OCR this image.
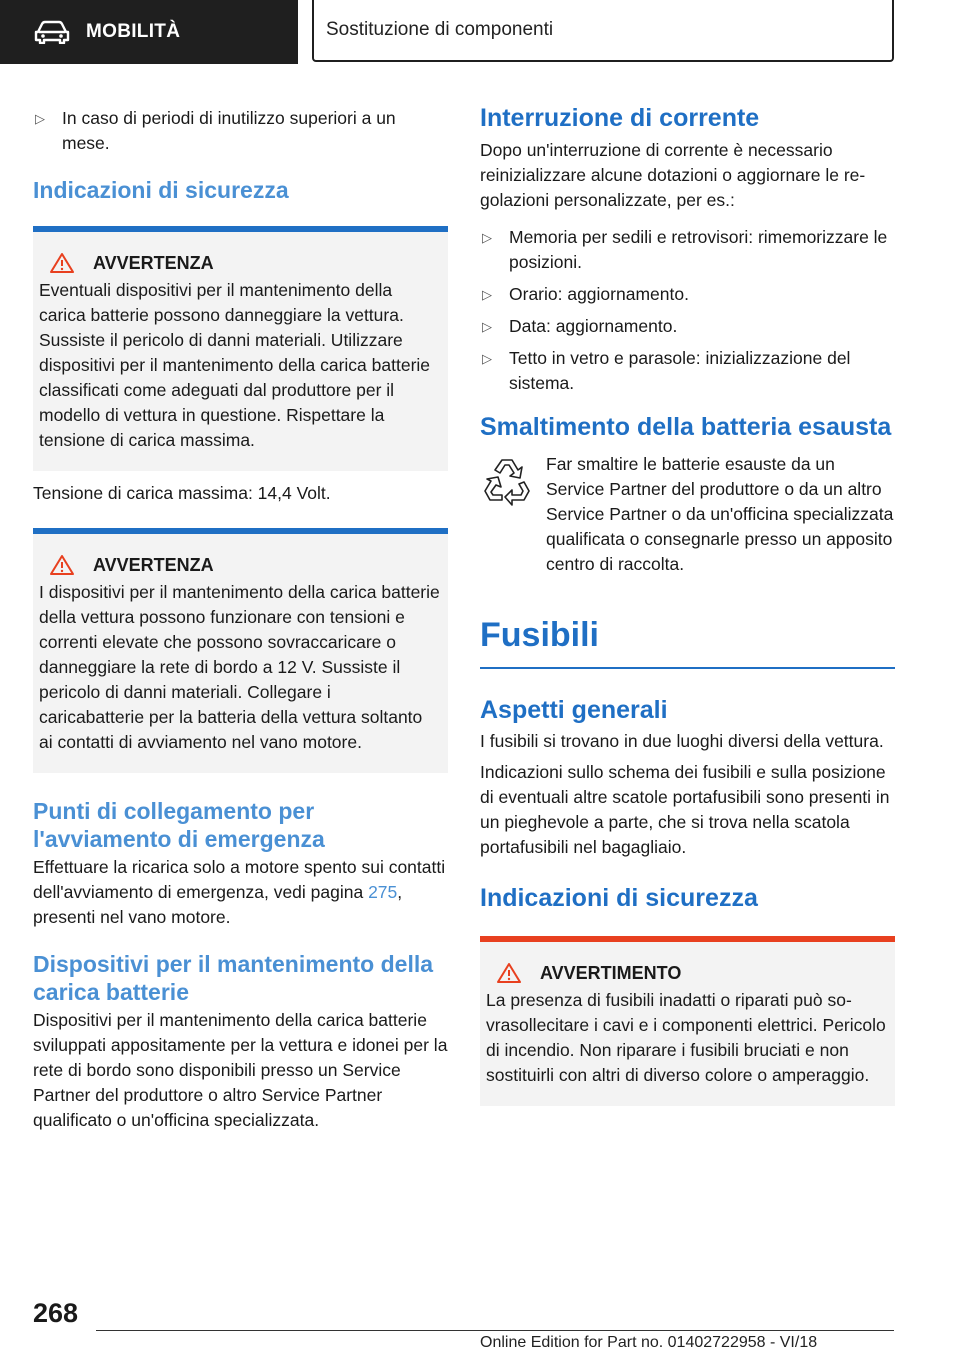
MOBILITÀ	Sostituzione di componenti
▷ In caso di periodi di inutilizzo superiori a un mese.
Indicazioni di sicurezza
AVVERTENZA

Eventuali dispositivi per il mantenimento della carica batterie possono danneggiare la vettura. Sussiste il pericolo di danni materiali. Utilizzare dispositivi per il mantenimento della carica batterie classificati come adeguati dal produttore per il modello di vettura in questione. Rispettare la tensione di carica massima.

Tensione di carica massima: 14,4 Volt.

AVVERTENZA

I dispositivi per il mantenimento della carica batterie della vettura possono funzionare con tensioni e correnti elevate che possono sovraccaricare o danneggiare la rete di bordo a 12 V. Sussiste il pericolo di danni materiali. Collegare i caricabatterie per la batteria della vettura soltanto ai contatti di avviamento nel vano motore.

Punti di collegamento per l'avviamento di emergenza

Effettuare la ricarica solo a motore spento sui contatti dell'avviamento di emergenza, vedi pagina 275, presenti nel vano motore.

Dispositivi per il mantenimento della carica batterie

Dispositivi per il mantenimento della carica batterie sviluppati appositamente per la vettura e idonei per la rete di bordo sono disponibili presso un Service Partner del produttore o altro Service Partner qualificato o un'officina specializzata.

Interruzione di corrente

Dopo un'interruzione di corrente è necessario reinizializzare alcune dotazioni o aggiornare le regolazioni personalizzate, per es.:

▷ Memoria per sedili e retrovisori: rimemorizzare le posizioni.
▷ Orario: aggiornamento.
▷ Data: aggiornamento.
▷ Tetto in vetro e parasole: inizializzazione del sistema.
Smaltimento della batteria esausta

Far smaltire le batterie esauste da un Service Partner del produttore o da un altro Service Partner o da un'officina specializzata qualificata o consegnarle presso un apposito centro di raccolta.

Fusibili
Aspetti generali

I fusibili si trovano in due luoghi diversi della vettura.

Indicazioni sullo schema dei fusibili e sulla posizione di eventuali altre scatole portafusibili sono presenti in un pieghevole a parte, che si trova nella scatola portafusibili nel bagagliaio.

Indicazioni di sicurezza
AVVERTIMENTO

La presenza di fusibili inadatti o riparati può sovrasollecitare i cavi e i componenti elettrici. Pericolo di incendio. Non riparare i fusibili bruciati e non sostituirli con altri di diverso colore o amperaggio.

268
Online Edition for Part no. 01402722958 - VI/18
